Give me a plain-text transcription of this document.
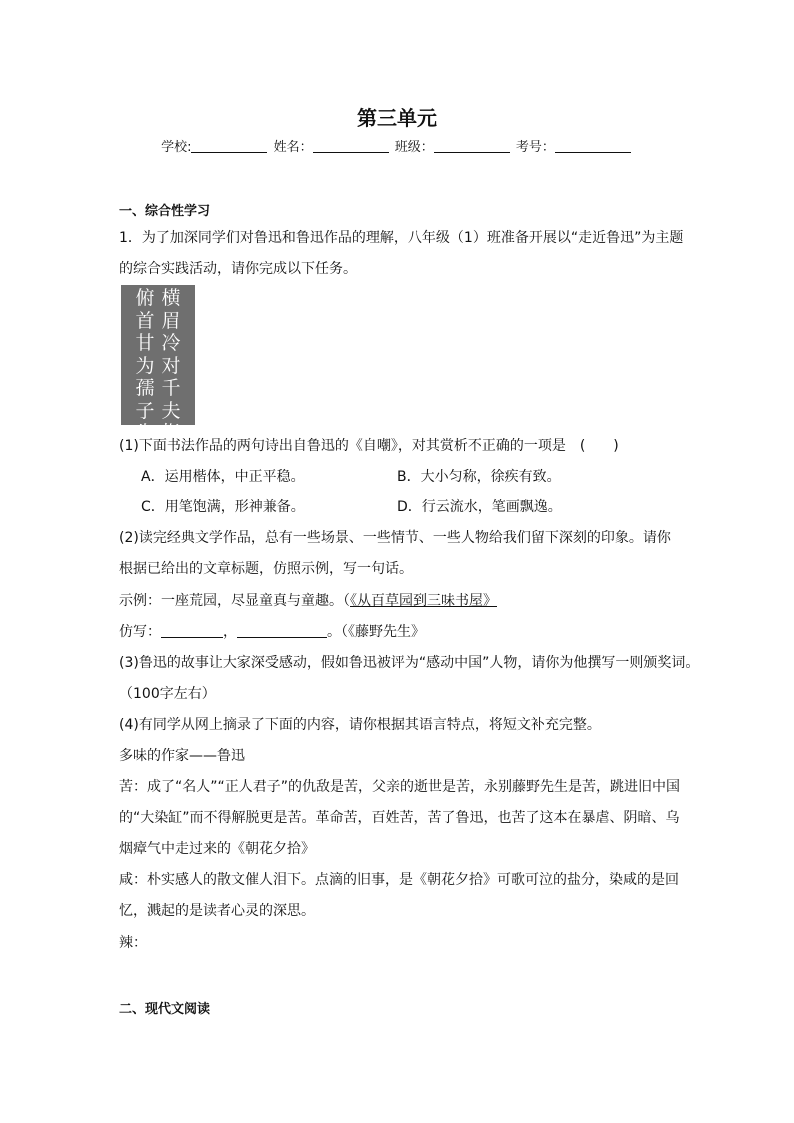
第三单元
学校:	姓名：	班级：	考号：
一、综合性学习
1．为了加深同学们对鲁迅和鲁迅作品的理解，八年级（1）班准备开展以“走近鲁迅”为主题
的综合实践活动，请你完成以下任务。
横眉冷对千夫指
俯首甘为孺子牛
(1)下面书法作品的两句诗出自鲁迅的《自嘲》，对其赏析不正确的一项是　(　　)
A．运用楷体，中正平稳。	B．大小匀称，徐疾有致。
C．用笔饱满，形神兼备。	D．行云流水，笔画飘逸。
(2)读完经典文学作品，总有一些场景、一些情节、一些人物给我们留下深刻的印象。请你
根据已给出的文章标题，仿照示例，写一句话。
示例：一座荒园，尽显童真与童趣。（《从百草园到三味书屋》
仿写：	，	。（《藤野先生》
(3)鲁迅的故事让大家深受感动，假如鲁迅被评为“感动中国”人物，请你为他撰写一则颁奖词。
（100字左右）
(4)有同学从网上摘录了下面的内容，请你根据其语言特点，将短文补充完整。
多味的作家——鲁迅
苦：成了“名人”“正人君子”的仇敌是苦，父亲的逝世是苦，永别藤野先生是苦，跳进旧中国
的“大染缸”而不得解脱更是苦。革命苦，百姓苦，苦了鲁迅，也苦了这本在暴虐、阴暗、乌
烟瘴气中走过来的《朝花夕拾》
咸：朴实感人的散文催人泪下。点滴的旧事，是《朝花夕拾》可歌可泣的盐分，染咸的是回
忆，溅起的是读者心灵的深思。
辣：
二、现代文阅读
